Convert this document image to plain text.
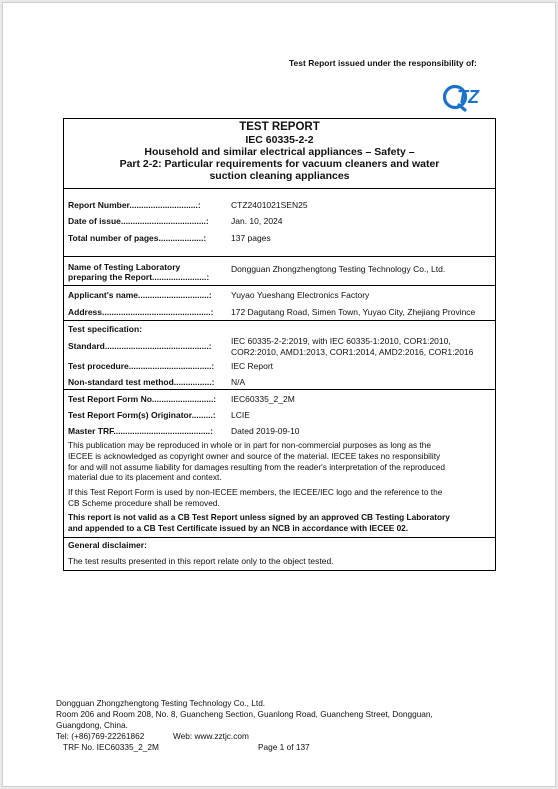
Test Report issued under the responsibility of:
TZ
TEST REPORT
IEC 60335-2-2
Household and similar electrical appliances – Safety –
Part 2-2: Particular requirements for vacuum cleaners and water
suction cleaning appliances
Report Number.............................:	CTZ2401021SEN25
Date of issue....................................:	Jan. 10, 2024
Total number of pages...................:	137 pages
Name of Testing Laboratory
preparing the Report.......................:
Dongguan Zhongzhengtong Testing Technology Co., Ltd.
Applicant's name..............................: Yuyao Yueshang Electronics Factory
Address..............................................: 172 Dagutang Road, Simen Town, Yuyao City, Zhejiang Province
Test specification:
Standard............................................: IEC 60335-2-2:2019, with IEC 60335-1:2010, COR1:2010,
COR2:2010, AMD1:2013, COR1:2014, AMD2:2016, COR1:2016
Test procedure...................................: IEC Report
Non-standard test method................: N/A
Test Report Form No..........................: IEC60335_2_2M
Test Report Form(s) Originator.........: LCIE
Master TRF.........................................: Dated 2019-09-10
This publication may be reproduced in whole or in part for non-commercial purposes as long as the
IECEE is acknowledged as copyright owner and source of the material. IECEE takes no responsibility
for and will not assume liability for damages resulting from the reader's interpretation of the reproduced
material due to its placement and context.
If this Test Report Form is used by non-IECEE members, the IECEE/IEC logo and the reference to the
CB Scheme procedure shall be removed.
This report is not valid as a CB Test Report unless signed by an approved CB Testing Laboratory
and appended to a CB Test Certificate issued by an NCB in accordance with IECEE 02.
General disclaimer:
The test results presented in this report relate only to the object tested.
Dongguan Zhongzhengtong Testing Technology Co., Ltd.
Room 206 and Room 208, No. 8, Guancheng Section, Guanlong Road, Guancheng Street, Dongguan,
Guangdong, China.
Tel: (+86)769-22261862	Web: www.zztjc.com
TRF No. IEC60335_2_2M	Page 1 of 137
